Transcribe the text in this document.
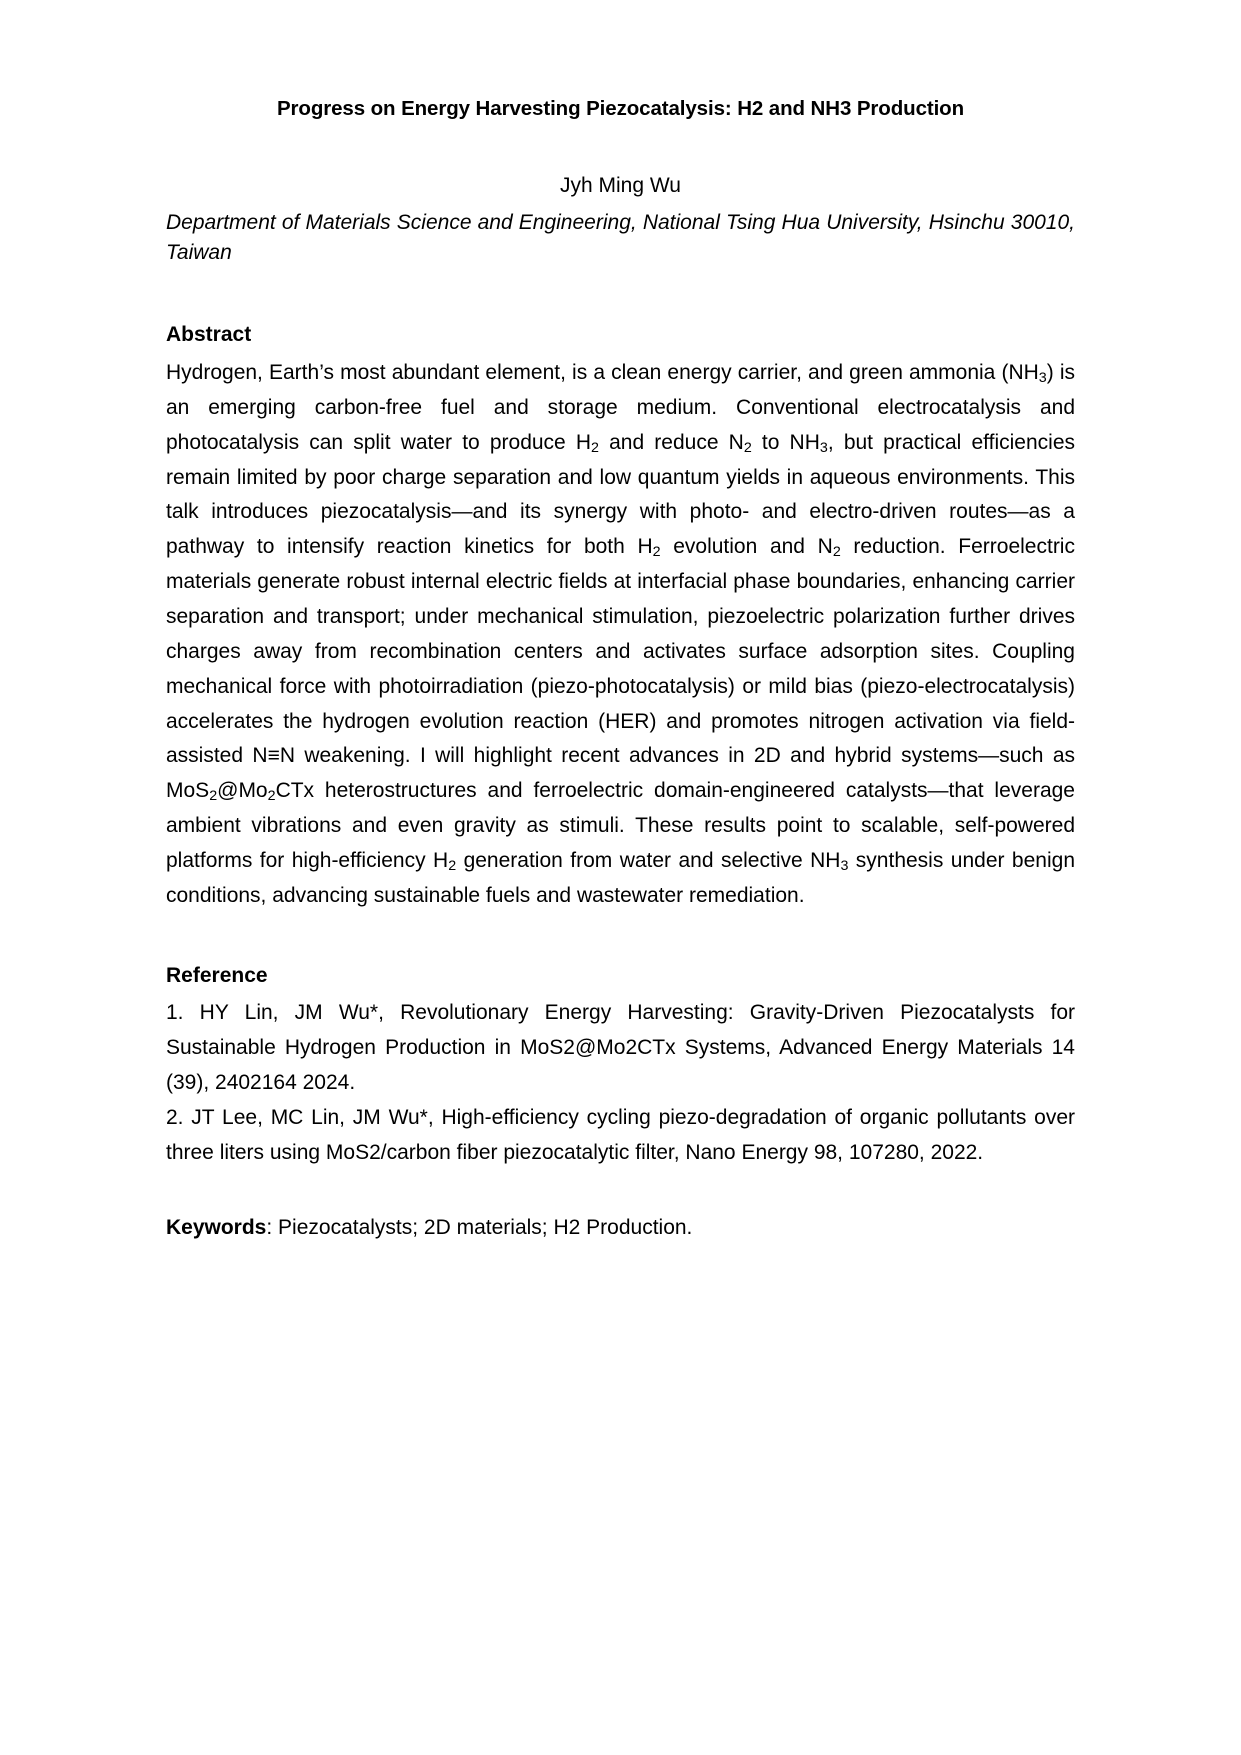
Progress on Energy Harvesting Piezocatalysis: H2 and NH3 Production

Jyh Ming Wu

Department of Materials Science and Engineering, National Tsing Hua University, Hsinchu 30010, Taiwan

Abstract

Hydrogen, Earth’s most abundant element, is a clean energy carrier, and green ammonia $(NH_3)$ is an emerging carbon-free fuel and storage medium. Conventional electrocatalysis and photocatalysis can split water to produce $H_2$ and reduce $N_2$ to $NH_3$, but practical efficiencies remain limited by poor charge separation and low quantum yields in aqueous environments. This talk introduces piezocatalysis—and its synergy with photo- and electro-driven routes—as a pathway to intensify reaction kinetics for both $H_2$ evolution and $N_2$ reduction. Ferroelectric materials generate robust internal electric fields at interfacial phase boundaries, enhancing carrier separation and transport; under mechanical stimulation, piezoelectric polarization further drives charges away from recombination centers and activates surface adsorption sites. Coupling mechanical force with photoirradiation (piezo-photocatalysis) or mild bias (piezo-electrocatalysis) accelerates the hydrogen evolution reaction (HER) and promotes nitrogen activation via field-assisted N≡N weakening. I will highlight recent advances in 2D and hybrid systems—such as $MoS_2@Mo_2CTx$ heterostructures and ferroelectric domain-engineered catalysts—that leverage ambient vibrations and even gravity as stimuli. These results point to scalable, self-powered platforms for high-efficiency $H_2$ generation from water and selective $NH_3$ synthesis under benign conditions, advancing sustainable fuels and wastewater remediation.

Reference

1. HY Lin, JM Wu*, Revolutionary Energy Harvesting: Gravity-Driven Piezocatalysts for Sustainable Hydrogen Production in MoS2@Mo2CTx Systems, Advanced Energy Materials 14 (39), 2402164 2024.

2. JT Lee, MC Lin, JM Wu*, High-efficiency cycling piezo-degradation of organic pollutants over three liters using MoS2/carbon fiber piezocatalytic filter, Nano Energy 98, 107280, 2022.

Keywords: Piezocatalysts; 2D materials; H2 Production.
